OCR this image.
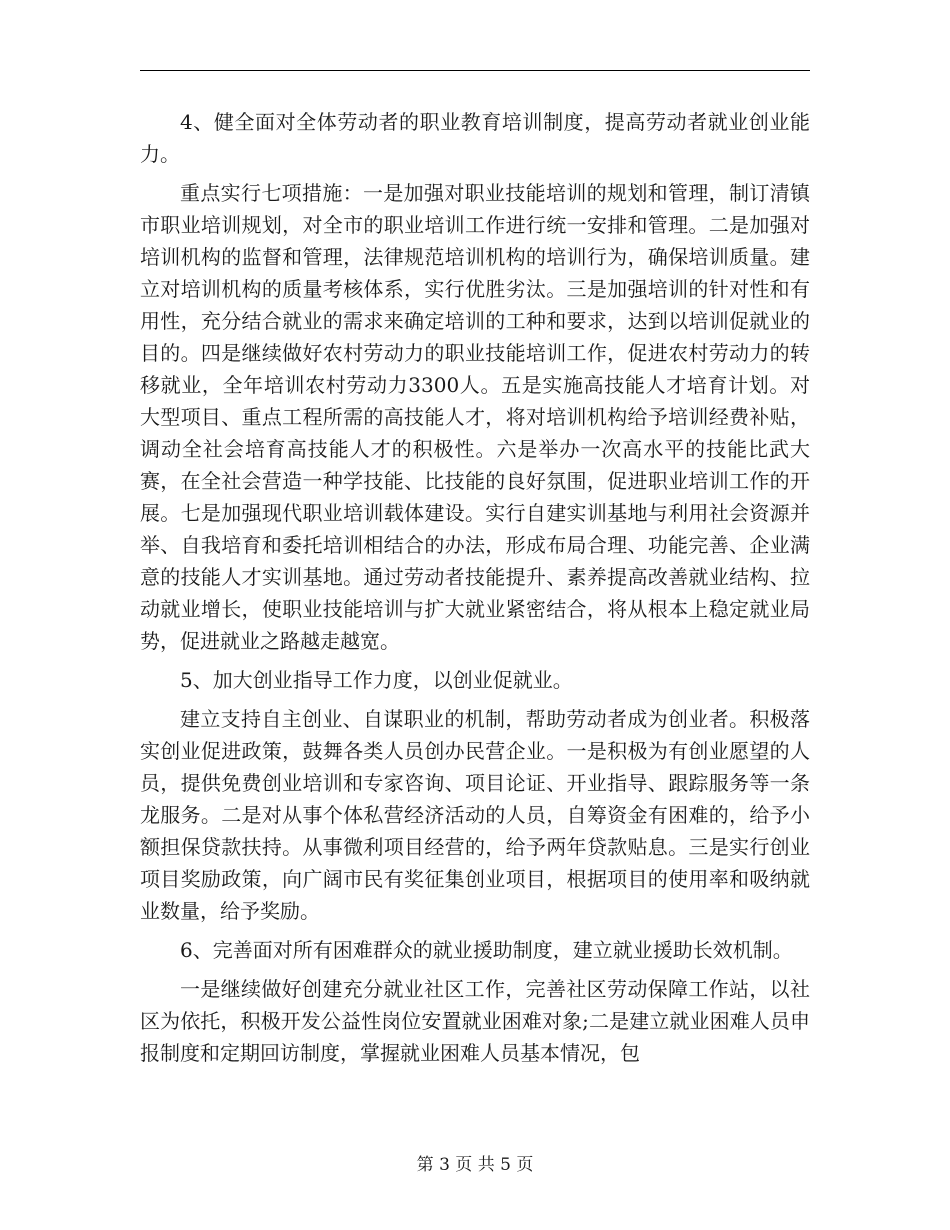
4、健全面对全体劳动者的职业教育培训制度，提高劳动者就业创业能力。

重点实行七项措施：一是加强对职业技能培训的规划和管理，制订清镇市职业培训规划，对全市的职业培训工作进行统一安排和管理。二是加强对培训机构的监督和管理，法律规范培训机构的培训行为，确保培训质量。建立对培训机构的质量考核体系，实行优胜劣汰。三是加强培训的针对性和有用性，充分结合就业的需求来确定培训的工种和要求，达到以培训促就业的目的。四是继续做好农村劳动力的职业技能培训工作，促进农村劳动力的转移就业，全年培训农村劳动力3300人。五是实施高技能人才培育计划。对大型项目、重点工程所需的高技能人才，将对培训机构给予培训经费补贴，调动全社会培育高技能人才的积极性。六是举办一次高水平的技能比武大赛，在全社会营造一种学技能、比技能的良好氛围，促进职业培训工作的开展。七是加强现代职业培训载体建设。实行自建实训基地与利用社会资源并举、自我培育和委托培训相结合的办法，形成布局合理、功能完善、企业满意的技能人才实训基地。通过劳动者技能提升、素养提高改善就业结构、拉动就业增长，使职业技能培训与扩大就业紧密结合，将从根本上稳定就业局势，促进就业之路越走越宽。

5、加大创业指导工作力度，以创业促就业。

建立支持自主创业、自谋职业的机制，帮助劳动者成为创业者。积极落实创业促进政策，鼓舞各类人员创办民营企业。一是积极为有创业愿望的人员，提供免费创业培训和专家咨询、项目论证、开业指导、跟踪服务等一条龙服务。二是对从事个体私营经济活动的人员，自筹资金有困难的，给予小额担保贷款扶持。从事微利项目经营的，给予两年贷款贴息。三是实行创业项目奖励政策，向广阔市民有奖征集创业项目，根据项目的使用率和吸纳就业数量，给予奖励。

6、完善面对所有困难群众的就业援助制度，建立就业援助长效机制。

一是继续做好创建充分就业社区工作，完善社区劳动保障工作站，以社区为依托，积极开发公益性岗位安置就业困难对象;二是建立就业困难人员申报制度和定期回访制度，掌握就业困难人员基本情况，包

第 3 页 共 5 页
